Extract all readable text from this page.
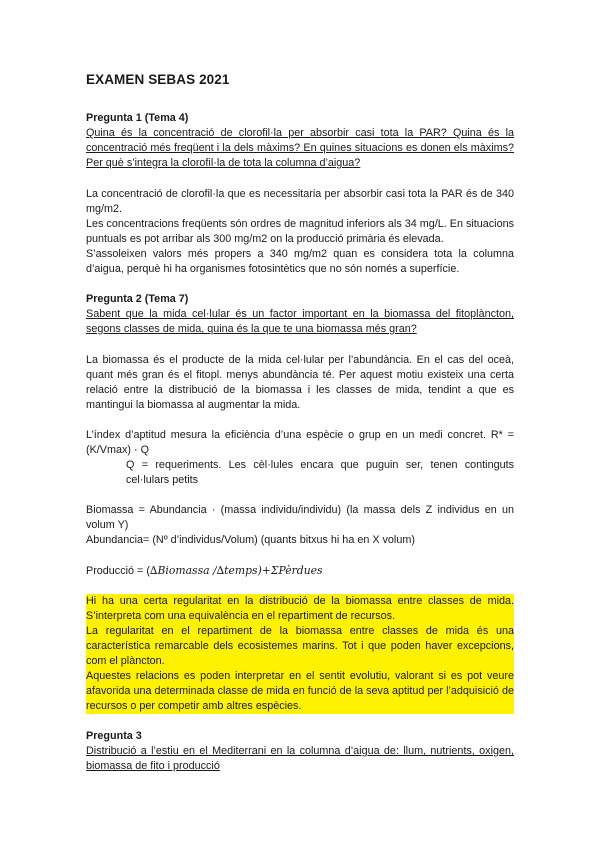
EXAMEN SEBAS 2021
Pregunta 1 (Tema 4)
Quina és la concentració de clorofil·la per absorbir casi tota la PAR? Quina és la concentració més freqüent i la dels màxims? En quines situacions es donen els màxims? Per què s’integra la clorofil·la de tota la columna d’aigua?

La concentració de clorofil·la que es necessitaria per absorbir casi tota la PAR és de 340 mg/m2.

Les concentracions freqüents són ordres de magnitud inferiors als 34 mg/L. En situacions puntuals es pot arribar als 300 mg/m2 on la producció primària és elevada.

S’assoleixen valors més propers a 340 mg/m2 quan es considera tota la columna d’aigua, perquè hi ha organismes fotosintètics que no són només a superfície.

Pregunta 2 (Tema 7)
Sabent que la mida cel·lular és un factor important en la biomassa del fitoplàncton, segons classes de mida, quina és la que te una biomassa més gran?

La biomassa és el producte de la mida cel·lular per l’abundància. En el cas del oceà, quant més gran és el fitopl. menys abundància té. Per aquest motiu existeix una certa relació entre la distribució de la biomassa i les classes de mida, tendint a que es mantingui la biomassa al augmentar la mida.

L’índex d’aptitud mesura la eficiència d’una espècie o grup en un medi concret. R* = (K/Vmax) · Q

Q = requeriments. Les cèl·lules encara que puguin ser, tenen continguts cel·lulars petits

Biomassa = Abundancia · (massa individu/individu) (la massa dels Z individus en un volum Y)

Abundancia= (Nº d’individus/Volum) (quants bitxus hi ha en X volum)

Producció = (∆Biomassa /∆temps)+ΣPèrdues

Hi ha una certa regularitat en la distribució de la biomassa entre classes de mida. S’interpreta com una equivalència en el repartiment de recursos.

La regularitat en el repartiment de la biomassa entre classes de mida és una característica remarcable dels ecosistemes marins. Tot i que poden haver excepcions, com el plàncton.

Aquestes relacions es poden interpretar en el sentit evolutiu, valorant si es pot veure afavorida una determinada classe de mida en funció de la seva aptitud per l’adquisició de recursos o per competir amb altres espècies.

Pregunta 3
Distribució a l’estiu en el Mediterrani en la columna d’aigua de: llum, nutrients, oxigen, biomassa de fito i producció
